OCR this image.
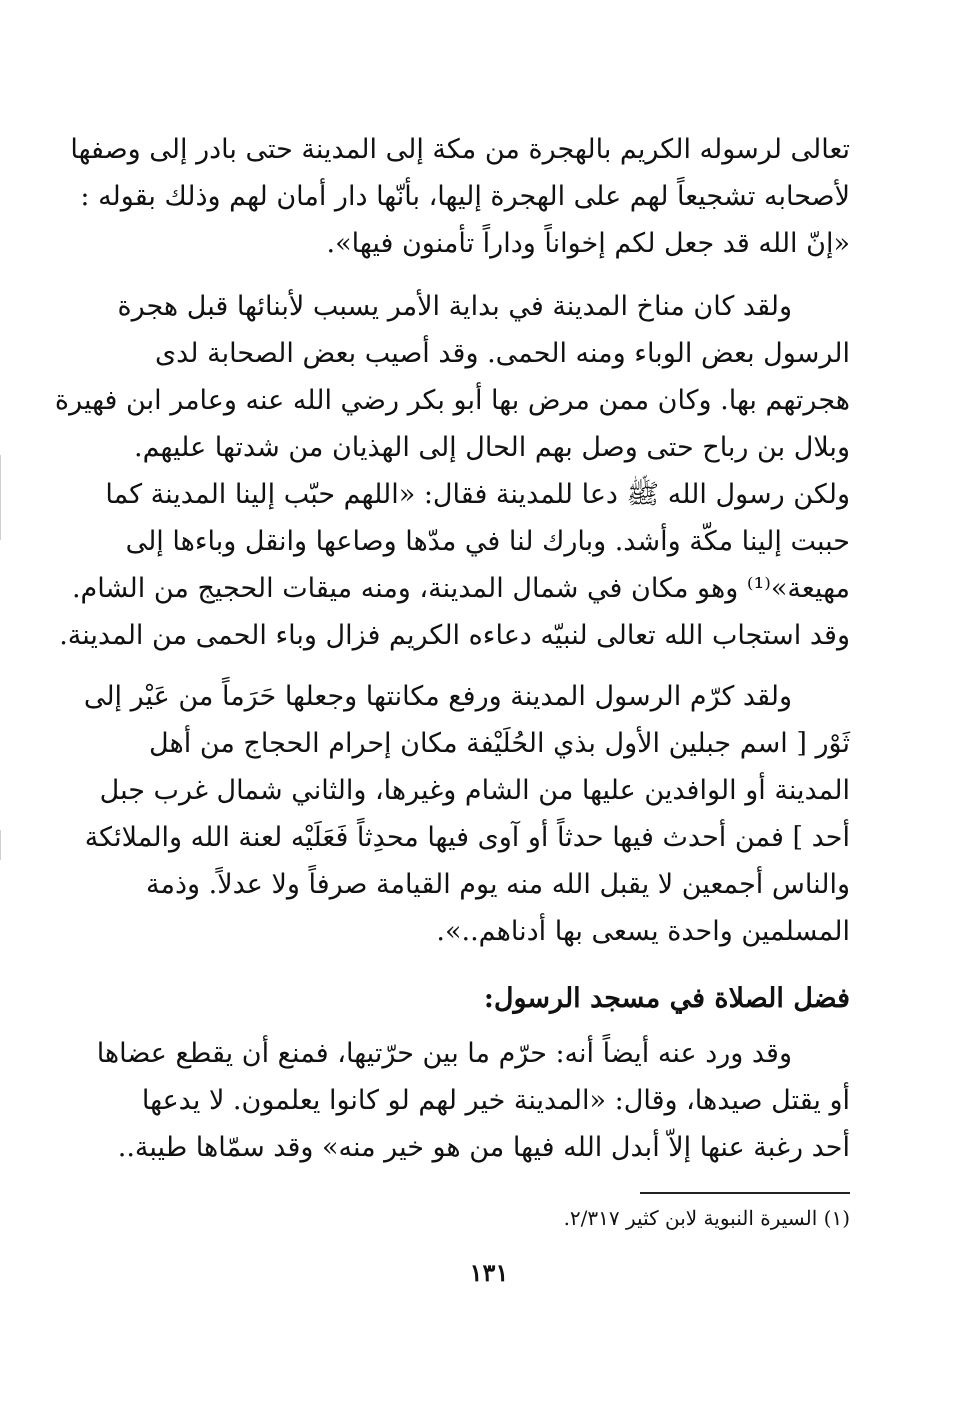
تعالى لرسوله الكريم بالهجرة من مكة إلى المدينة حتى بادر إلى وصفها
لأصحابه تشجيعاً لهم على الهجرة إليها، بأنّها دار أمان لهم وذلك بقوله :
«إنّ الله قد جعل لكم إخواناً وداراً تأمنون فيها».
ولقد كان مناخ المدينة في بداية الأمر يسبب لأبنائها قبل هجرة
الرسول بعض الوباء ومنه الحمى. وقد أصيب بعض الصحابة لدى
هجرتهم بها. وكان ممن مرض بها أبو بكر رضي الله عنه وعامر ابن فهيرة
وبلال بن رباح حتى وصل بهم الحال إلى الهذيان من شدتها عليهم.
ولكن رسول الله ﷺ دعا للمدينة فقال: «اللهم حبّب إلينا المدينة كما
حببت إلينا مكّة وأشد. وبارك لنا في مدّها وصاعها وانقل وباءها إلى
مهيعة»⁽¹⁾ وهو مكان في شمال المدينة، ومنه ميقات الحجيج من الشام.
وقد استجاب الله تعالى لنبيّه دعاءه الكريم فزال وباء الحمى من المدينة.
ولقد كرّم الرسول المدينة ورفع مكانتها وجعلها حَرَماً من عَيْر إلى
ثَوْر [ اسم جبلين الأول بذي الحُلَيْفة مكان إحرام الحجاج من أهل
المدينة أو الوافدين عليها من الشام وغيرها، والثاني شمال غرب جبل
أحد ] فمن أحدث فيها حدثاً أو آوى فيها محدِثاً فَعَلَيْه لعنة الله والملائكة
والناس أجمعين لا يقبل الله منه يوم القيامة صرفاً ولا عدلاً. وذمة
المسلمين واحدة يسعى بها أدناهم..».
فضل الصلاة في مسجد الرسول:
وقد ورد عنه أيضاً أنه: حرّم ما بين حرّتيها، فمنع أن يقطع عضاها
أو يقتل صيدها، وقال: «المدينة خير لهم لو كانوا يعلمون. لا يدعها
أحد رغبة عنها إلاّ أبدل الله فيها من هو خير منه» وقد سمّاها طيبة..
(١) السيرة النبوية لابن كثير ٢/٣١٧.
١٣١
